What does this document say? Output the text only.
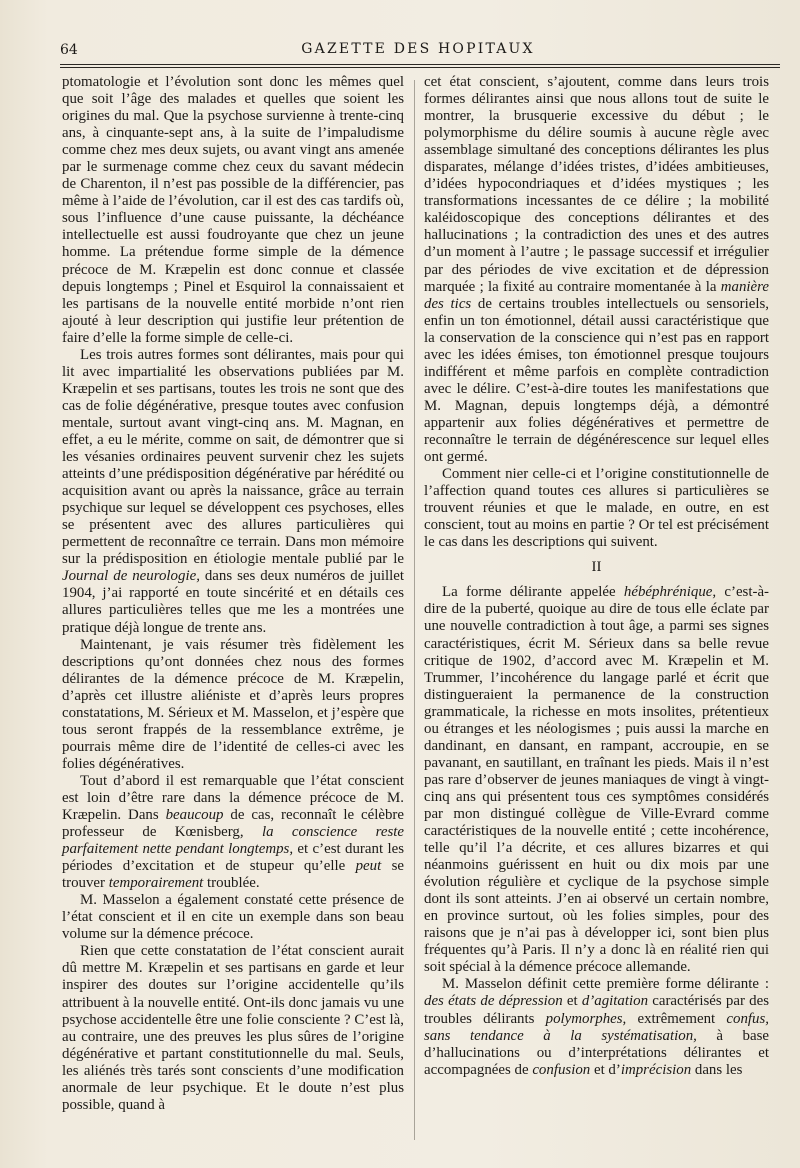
64	GAZETTE DES HOPITAUX

ptomatologie et l’évolution sont donc les mêmes quel que soit l’âge des malades et quelles que soient les origines du mal. Que la psychose survienne à trente-cinq ans, à cinquante-sept ans, à la suite de l’impaludisme comme chez mes deux sujets, ou avant vingt ans amenée par le surmenage comme chez ceux du savant médecin de Charenton, il n’est pas possible de la différencier, pas même à l’aide de l’évolution, car il est des cas tardifs où, sous l’influence d’une cause puissante, la déchéance intellectuelle est aussi foudroyante que chez un jeune homme. La prétendue forme simple de la démence précoce de M. Kræpelin est donc connue et classée depuis longtemps ; Pinel et Esquirol la connaissaient et les partisans de la nouvelle entité morbide n’ont rien ajouté à leur description qui justifie leur prétention de faire d’elle la forme simple de celle-ci.

Les trois autres formes sont délirantes, mais pour qui lit avec impartialité les observations publiées par M. Kræpelin et ses partisans, toutes les trois ne sont que des cas de folie dégénérative, presque toutes avec confusion mentale, surtout avant vingt-cinq ans. M. Magnan, en effet, a eu le mérite, comme on sait, de démontrer que si les vésanies ordinaires peuvent survenir chez les sujets atteints d’une prédisposition dégénérative par hérédité ou acquisition avant ou après la naissance, grâce au terrain psychique sur lequel se développent ces psychoses, elles se présentent avec des allures particulières qui permettent de reconnaître ce terrain. Dans mon mémoire sur la prédisposition en étiologie mentale publié par le Journal de neurologie, dans ses deux numéros de juillet 1904, j’ai rapporté en toute sincérité et en détails ces allures particulières telles que me les a montrées une pratique déjà longue de trente ans.

Maintenant, je vais résumer très fidèlement les descriptions qu’ont données chez nous des formes délirantes de la démence précoce de M. Kræpelin, d’après cet illustre aliéniste et d’après leurs propres constatations, M. Sérieux et M. Masselon, et j’espère que tous seront frappés de la ressemblance extrême, je pourrais même dire de l’identité de celles-ci avec les folies dégénératives.

Tout d’abord il est remarquable que l’état conscient est loin d’être rare dans la démence précoce de M. Kræpelin. Dans beaucoup de cas, reconnaît le célèbre professeur de Kœnisberg, la conscience reste parfaitement nette pendant longtemps, et c’est durant les périodes d’excitation et de stupeur qu’elle peut se trouver temporairement troublée.

M. Masselon a également constaté cette présence de l’état conscient et il en cite un exemple dans son beau volume sur la démence précoce.

Rien que cette constatation de l’état conscient aurait dû mettre M. Kræpelin et ses partisans en garde et leur inspirer des doutes sur l’origine accidentelle qu’ils attribuent à la nouvelle entité. Ont-ils donc jamais vu une psychose accidentelle être une folie consciente ? C’est là, au contraire, une des preuves les plus sûres de l’origine dégénérative et partant constitutionnelle du mal. Seuls, les aliénés très tarés sont conscients d’une modification anormale de leur psychique. Et le doute n’est plus possible, quand à

cet état conscient, s’ajoutent, comme dans leurs trois formes délirantes ainsi que nous allons tout de suite le montrer, la brusquerie excessive du début ; le polymorphisme du délire soumis à aucune règle avec assemblage simultané des conceptions délirantes les plus disparates, mélange d’idées tristes, d’idées ambitieuses, d’idées hypocondriaques et d’idées mystiques ; les transformations incessantes de ce délire ; la mobilité kaléidoscopique des conceptions délirantes et des hallucinations ; la contradiction des unes et des autres d’un moment à l’autre ; le passage successif et irrégulier par des périodes de vive excitation et de dépression marquée ; la fixité au contraire momentanée à la manière des tics de certains troubles intellectuels ou sensoriels, enfin un ton émotionnel, détail aussi caractéristique que la conservation de la conscience qui n’est pas en rapport avec les idées émises, ton émotionnel presque toujours indifférent et même parfois en complète contradiction avec le délire. C’est-à-dire toutes les manifestations que M. Magnan, depuis longtemps déjà, a démontré appartenir aux folies dégénératives et permettre de reconnaître le terrain de dégénérescence sur lequel elles ont germé.

Comment nier celle-ci et l’origine constitutionnelle de l’affection quand toutes ces allures si particulières se trouvent réunies et que le malade, en outre, en est conscient, tout au moins en partie ? Or tel est précisément le cas dans les descriptions qui suivent.

II

La forme délirante appelée hébéphrénique, c’est-à-dire de la puberté, quoique au dire de tous elle éclate par une nouvelle contradiction à tout âge, a parmi ses signes caractéristiques, écrit M. Sérieux dans sa belle revue critique de 1902, d’accord avec M. Kræpelin et M. Trummer, l’incohérence du langage parlé et écrit que distingueraient la permanence de la construction grammaticale, la richesse en mots insolites, prétentieux ou étranges et les néologismes ; puis aussi la marche en dandinant, en dansant, en rampant, accroupie, en se pavanant, en sautillant, en traînant les pieds. Mais il n’est pas rare d’observer de jeunes maniaques de vingt à vingt-cinq ans qui présentent tous ces symptômes considérés par mon distingué collègue de Ville-Evrard comme caractéristiques de la nouvelle entité ; cette incohérence, telle qu’il l’a décrite, et ces allures bizarres et qui néanmoins guérissent en huit ou dix mois par une évolution régulière et cyclique de la psychose simple dont ils sont atteints. J’en ai observé un certain nombre, en province surtout, où les folies simples, pour des raisons que je n’ai pas à développer ici, sont bien plus fréquentes qu’à Paris. Il n’y a donc là en réalité rien qui soit spécial à la démence précoce allemande.

M. Masselon définit cette première forme délirante : des états de dépression et d’agitation caractérisés par des troubles délirants polymorphes, extrêmement confus, sans tendance à la systématisation, à base d’hallucinations ou d’interprétations délirantes et accompagnées de confusion et d’imprécision dans les
